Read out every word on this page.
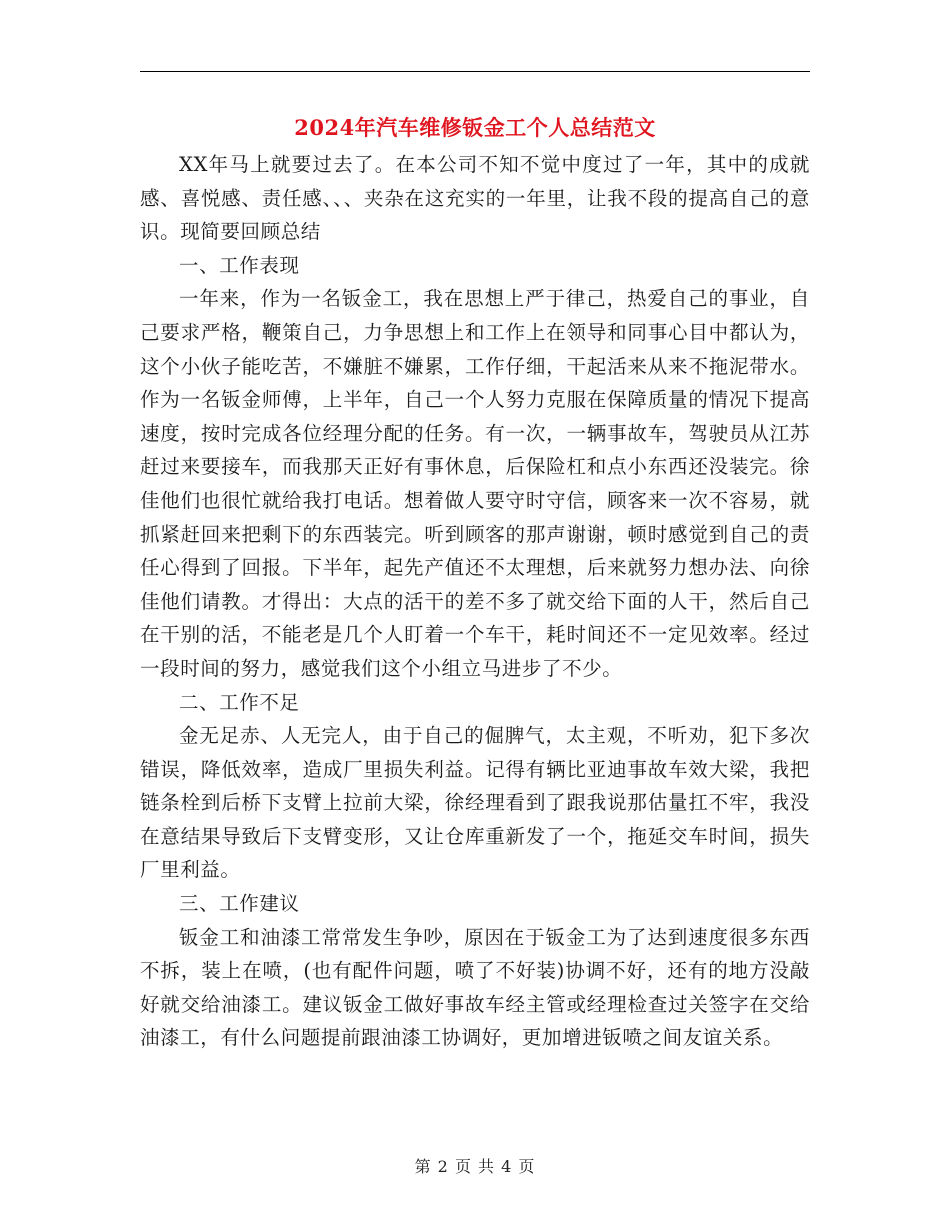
2024年汽车维修钣金工个人总结范文

XX年马上就要过去了。在本公司不知不觉中度过了一年，其中的成就感、喜悦感、责任感、、、夹杂在这充实的一年里，让我不段的提高自己的意识。现简要回顾总结

一、工作表现

一年来，作为一名钣金工，我在思想上严于律己，热爱自己的事业，自己要求严格，鞭策自己，力争思想上和工作上在领导和同事心目中都认为，这个小伙子能吃苦，不嫌脏不嫌累，工作仔细，干起活来从来不拖泥带水。作为一名钣金师傅，上半年，自己一个人努力克服在保障质量的情况下提高速度，按时完成各位经理分配的任务。有一次，一辆事故车，驾驶员从江苏赶过来要接车，而我那天正好有事休息，后保险杠和点小东西还没装完。徐佳他们也很忙就给我打电话。想着做人要守时守信，顾客来一次不容易，就抓紧赶回来把剩下的东西装完。听到顾客的那声谢谢，顿时感觉到自己的责任心得到了回报。下半年，起先产值还不太理想，后来就努力想办法、向徐佳他们请教。才得出：大点的活干的差不多了就交给下面的人干，然后自己在干别的活，不能老是几个人盯着一个车干，耗时间还不一定见效率。经过一段时间的努力，感觉我们这个小组立马进步了不少。

二、工作不足

金无足赤、人无完人，由于自己的倔脾气，太主观，不听劝，犯下多次错误，降低效率，造成厂里损失利益。记得有辆比亚迪事故车效大梁，我把链条栓到后桥下支臂上拉前大梁，徐经理看到了跟我说那估量扛不牢，我没在意结果导致后下支臂变形，又让仓库重新发了一个，拖延交车时间，损失厂里利益。

三、工作建议

钣金工和油漆工常常发生争吵，原因在于钣金工为了达到速度很多东西不拆，装上在喷，(也有配件问题，喷了不好装)协调不好，还有的地方没敲好就交给油漆工。建议钣金工做好事故车经主管或经理检查过关签字在交给油漆工，有什么问题提前跟油漆工协调好，更加增进钣喷之间友谊关系。

第 2 页 共 4 页
